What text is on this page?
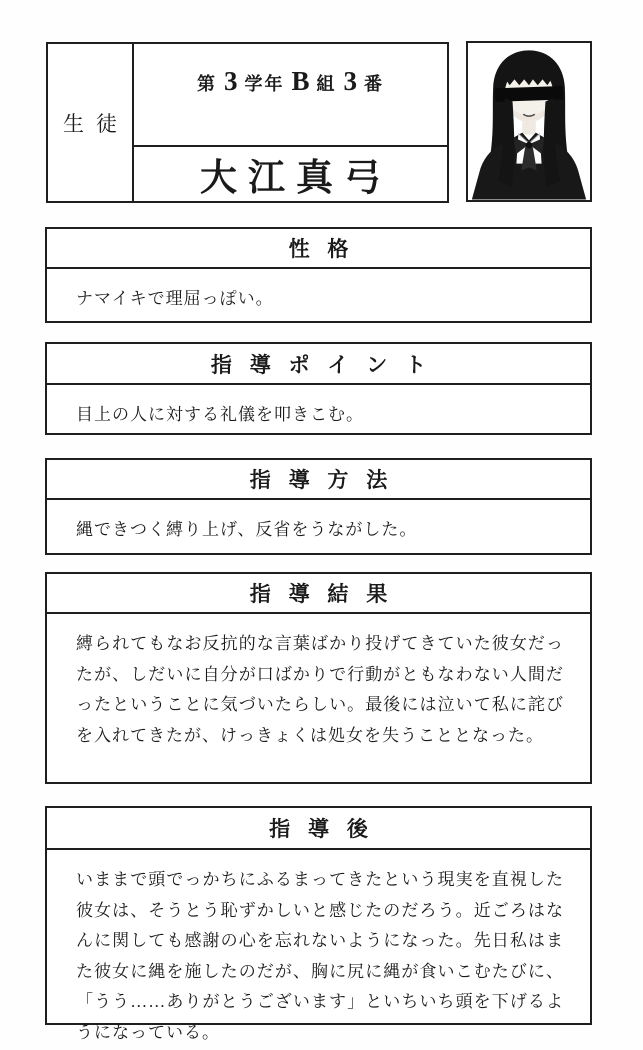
生徒
第 3 学年 B 組 3 番
大江真弓
性格
ナマイキで理屈っぽい。
指導ポイント
目上の人に対する礼儀を叩きこむ。
指導方法
縄できつく縛り上げ、反省をうながした。
指導結果
縛られてもなお反抗的な言葉ばかり投げてきていた彼女だったが、しだいに自分が口ばかりで行動がともなわない人間だったということに気づいたらしい。最後には泣いて私に詫びを入れてきたが、けっきょくは処女を失うこととなった。
指導後
いままで頭でっかちにふるまってきたという現実を直視した彼女は、そうとう恥ずかしいと感じたのだろう。近ごろはなんに関しても感謝の心を忘れないようになった。先日私はまた彼女に縄を施したのだが、胸に尻に縄が食いこむたびに、「うう……ありがとうございます」といちいち頭を下げるようになっている。
